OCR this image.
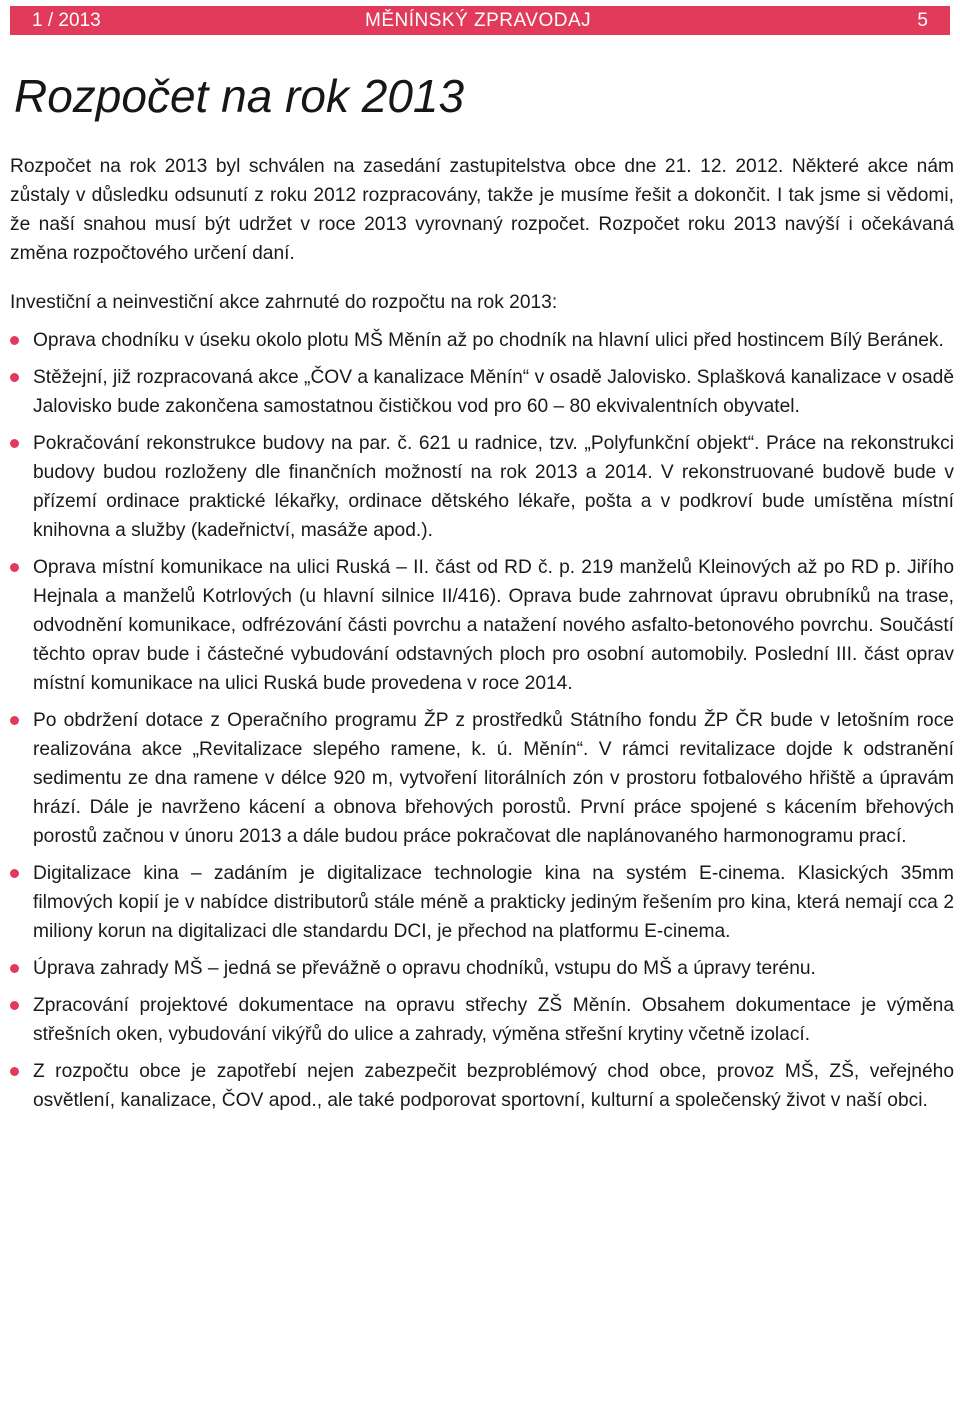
1 / 2013	MĚNÍNSKÝ ZPRAVODAJ	5
Rozpočet na rok 2013

Rozpočet na rok 2013 byl schválen na zasedání zastupitelstva obce dne 21. 12. 2012. Některé akce nám zůstaly v důsledku odsunutí z roku 2012 rozpracovány, takže je musíme řešit a dokončit. I tak jsme si vědomi, že naší snahou musí být udržet v roce 2013 vyrovnaný rozpočet. Rozpočet roku 2013 navýší i očekávaná změna rozpočtového určení daní.

Investiční a neinvestiční akce zahrnuté do rozpočtu na rok 2013:

Oprava chodníku v úseku okolo plotu MŠ Měnín až po chodník na hlavní ulici před hostincem Bílý Beránek.
Stěžejní, již rozpracovaná akce „ČOV a kanalizace Měnín“ v osadě Jalovisko. Splašková kanalizace v osadě Jalovisko bude zakončena samostatnou čističkou vod pro 60 – 80 ekvivalentních obyvatel.
Pokračování rekonstrukce budovy na par. č. 621 u radnice, tzv. „Polyfunkční objekt“. Práce na rekonstrukci budovy budou rozloženy dle finančních možností na rok 2013 a 2014. V rekonstruované budově bude v přízemí ordinace praktické lékařky, ordinace dětského lékaře, pošta a v podkroví bude umístěna místní knihovna a služby (kadeřnictví, masáže apod.).
Oprava místní komunikace na ulici Ruská – II. část od RD č. p. 219 manželů Kleinových až po RD p. Jiřího Hejnala a manželů Kotrlových (u hlavní silnice II/416). Oprava bude zahrnovat úpravu obrubníků na trase, odvodnění komunikace, odfrézování části povrchu a natažení nového asfalto-betonového povrchu. Součástí těchto oprav bude i částečné vybudování odstavných ploch pro osobní automobily. Poslední III. část oprav místní komunikace na ulici Ruská bude provedena v roce 2014.
Po obdržení dotace z Operačního programu ŽP z prostředků Státního fondu ŽP ČR bude v letošním roce realizována akce „Revitalizace slepého ramene, k. ú. Měnín“. V rámci revitalizace dojde k odstranění sedimentu ze dna ramene v délce 920 m, vytvoření litorálních zón v prostoru fotbalového hřiště a úpravám hrází. Dále je navrženo kácení a obnova břehových porostů. První práce spojené s kácením břehových porostů začnou v únoru 2013 a dále budou práce pokračovat dle naplánovaného harmonogramu prací.
Digitalizace kina – zadáním je digitalizace technologie kina na systém E-cinema. Klasických 35mm filmových kopií je v nabídce distributorů stále méně a prakticky jediným řešením pro kina, která nemají cca 2 miliony korun na digitalizaci dle standardu DCI, je přechod na platformu E-cinema.
Úprava zahrady MŠ – jedná se převážně o opravu chodníků, vstupu do MŠ a úpravy terénu.
Zpracování projektové dokumentace na opravu střechy ZŠ Měnín. Obsahem dokumentace je výměna střešních oken, vybudování vikýřů do ulice a zahrady, výměna střešní krytiny včetně izolací.
Z rozpočtu obce je zapotřebí nejen zabezpečit bezproblémový chod obce, provoz MŠ, ZŠ, veřejného osvětlení, kanalizace, ČOV apod., ale také podporovat sportovní, kulturní a společenský život v naší obci.
